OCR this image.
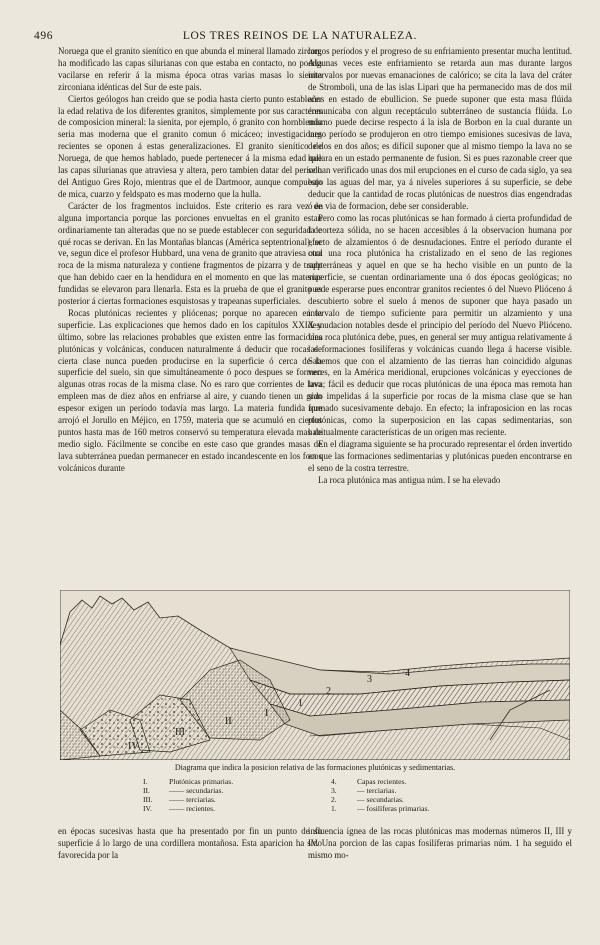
496	LOS TRES REINOS DE LA NATURALEZA.

Noruega que el granito sienítico en que abunda el mineral llamado zircon, ha modificado las capas silurianas con que estaba en contacto, no podria vacilarse en referir á la misma época otras varias masas lo sienita zirconiana idénticas del Sur de este pais.

Ciertos geólogos han creido que se podia hasta cierto punto establecer la edad relativa de los diferentes granitos, simplemente por sus caractéres de composicion mineral: la sienita, por ejemplo, ó granito con hornblenda seria mas moderna que el granito comun ó micáceo; investigaciones recientes se oponen á estas generalizaciones. El granito sienítico de Noruega, de que hemos hablado, puede pertenecer á la misma edad que las capas silurianas que atraviesa y altera, pero tambien datar del período del Antiguo Gres Rojo, mientras que el de Dartmoor, aunque compuesto de mica, cuarzo y feldspato es mas moderno que la hulla.

Carácter de los fragmentos incluidos. Este criterio es rara vez de alguna importancia porque las porciones envueltas en el granito estan ordinariamente tan alteradas que no se puede establecer con seguridad de qué rocas se derivan. En las Montañas blancas (América septentrional), se ve, segun dice el profesor Hubbard, una vena de granito que atraviesa otra roca de la misma naturaleza y contiene fragmentos de pizarra y de trapp que han debido caer en la hendidura en el momento en que las materias fundidas se elevaron para llenarla. Esta es la prueba de que el granito es posterior á ciertas formaciones esquistosas y trapeanas superficiales.

Rocas plutónicas recientes y pliócenas; porque no aparecen en la superficie. Las explicaciones que hemos dado en los capítulos XXIX y último, sobre las relaciones probables que existen entre las formaciones plutónicas y volcánicas, conducen naturalmente á deducir que rocas de cierta clase nunca pueden producirse en la superficie ó cerca de la superficie del suelo, sin que simultáneamente ó poco despues se formen algunas otras rocas de la misma clase. No es raro que corrientes de lava empleen mas de diez años en enfriarse al aire, y cuando tienen un gran espesor exigen un período todavía mas largo. La materia fundida que arrojó el Jorullo en Méjico, en 1759, materia que se acumuló en ciertos puntos hasta mas de 160 metros conservó su temperatura elevada mas de medio siglo. Fácilmente se concibe en este caso que grandes masas de lava subterránea puedan permanecer en estado incandescente en los focos volcánicos durante

largos períodos y el progreso de su enfriamiento presentar mucha lentitud. Algunas veces este enfriamiento se retarda aun mas durante largos intervalos por nuevas emanaciones de calórico; se cita la lava del cráter de Stromboli, una de las islas Lipari que ha permanecido mas de dos mil años en estado de ebullicion. Se puede suponer que esta masa flúida comunicaba con algun receptáculo subterráneo de sustancia flúida. Lo mismo puede decirse respecto á la isla de Borbon en la cual durante un largo período se produjeron en otro tiempo emisiones sucesivas de lava, de dos en dos años; es difícil suponer que al mismo tiempo la lava no se hallara en un estado permanente de fusion. Si es pues razonable creer que se han verificado unas dos mil erupciones en el curso de cada siglo, ya sea bajo las aguas del mar, ya á niveles superiores á su superficie, se debe deducir que la cantidad de rocas plutónicas de nuestros dias engendradas ó en via de formacion, debe ser considerable.

Pero como las rocas plutónicas se han formado á cierta profundidad de la corteza sólida, no se hacen accesibles á la observacion humana por efecto de alzamientos ó de desnudaciones. Entre el período durante el cual una roca plutónica ha cristalizado en el seno de las regiones subterráneas y aquel en que se ha hecho visible en un punto de la superficie, se cuentan ordinariamente una ó dos épocas geológicas; no puede esperarse pues encontrar granitos recientes ó del Nuevo Plióceno á descubierto sobre el suelo á menos de suponer que haya pasado un intervalo de tiempo suficiente para permitir un alzamiento y una desnudacion notables desde el principio del período del Nuevo Plióceno. Una roca plutónica debe, pues, en general ser muy antigua relativamente á las formaciones fosilíferas y volcánicas cuando llega á hacerse visible. Sabemos que con el alzamiento de las tierras han coincidido algunas veces, en la América meridional, erupciones volcánicas y eyecciones de lava; fácil es deducir que rocas plutónicas de una época mas remota han sido impelidas á la superficie por rocas de la misma clase que se han formado sucesivamente debajo. En efecto; la infraposicion en las rocas plutónicas, como la superposicion en las capas sedimentarias, son habitualmente características de un orígen mas reciente.

En el diagrama siguiente se ha procurado representar el órden invertido en que las formaciones sedimentarias y plutónicas pueden encontrarse en el seno de la costra terrestre.

La roca plutónica mas antigua núm. I se ha elevado

I
II
III
IV
1
2
3
4
Diagrama que indica la posicion relativa de las formaciones plutónicas y sedimentarias.
I.	Plutónicas primarias.
II.	—— secundarias.
III. —— terciarias.
IV. —— recientes.
4.	Capas recientes.
3.	— terciarias.
2.	— secundarias.
1.	— fosilíferas primarias.

en épocas sucesivas hasta que ha presentado por fin un punto de su superficie á lo largo de una cordillera montañosa. Esta aparicion ha sido favorecida por la

influencia ígnea de las rocas plutónicas mas modernas números II, III y IV. Una porcion de las capas fosilíferas primarias núm. 1 ha seguido el mismo mo-
